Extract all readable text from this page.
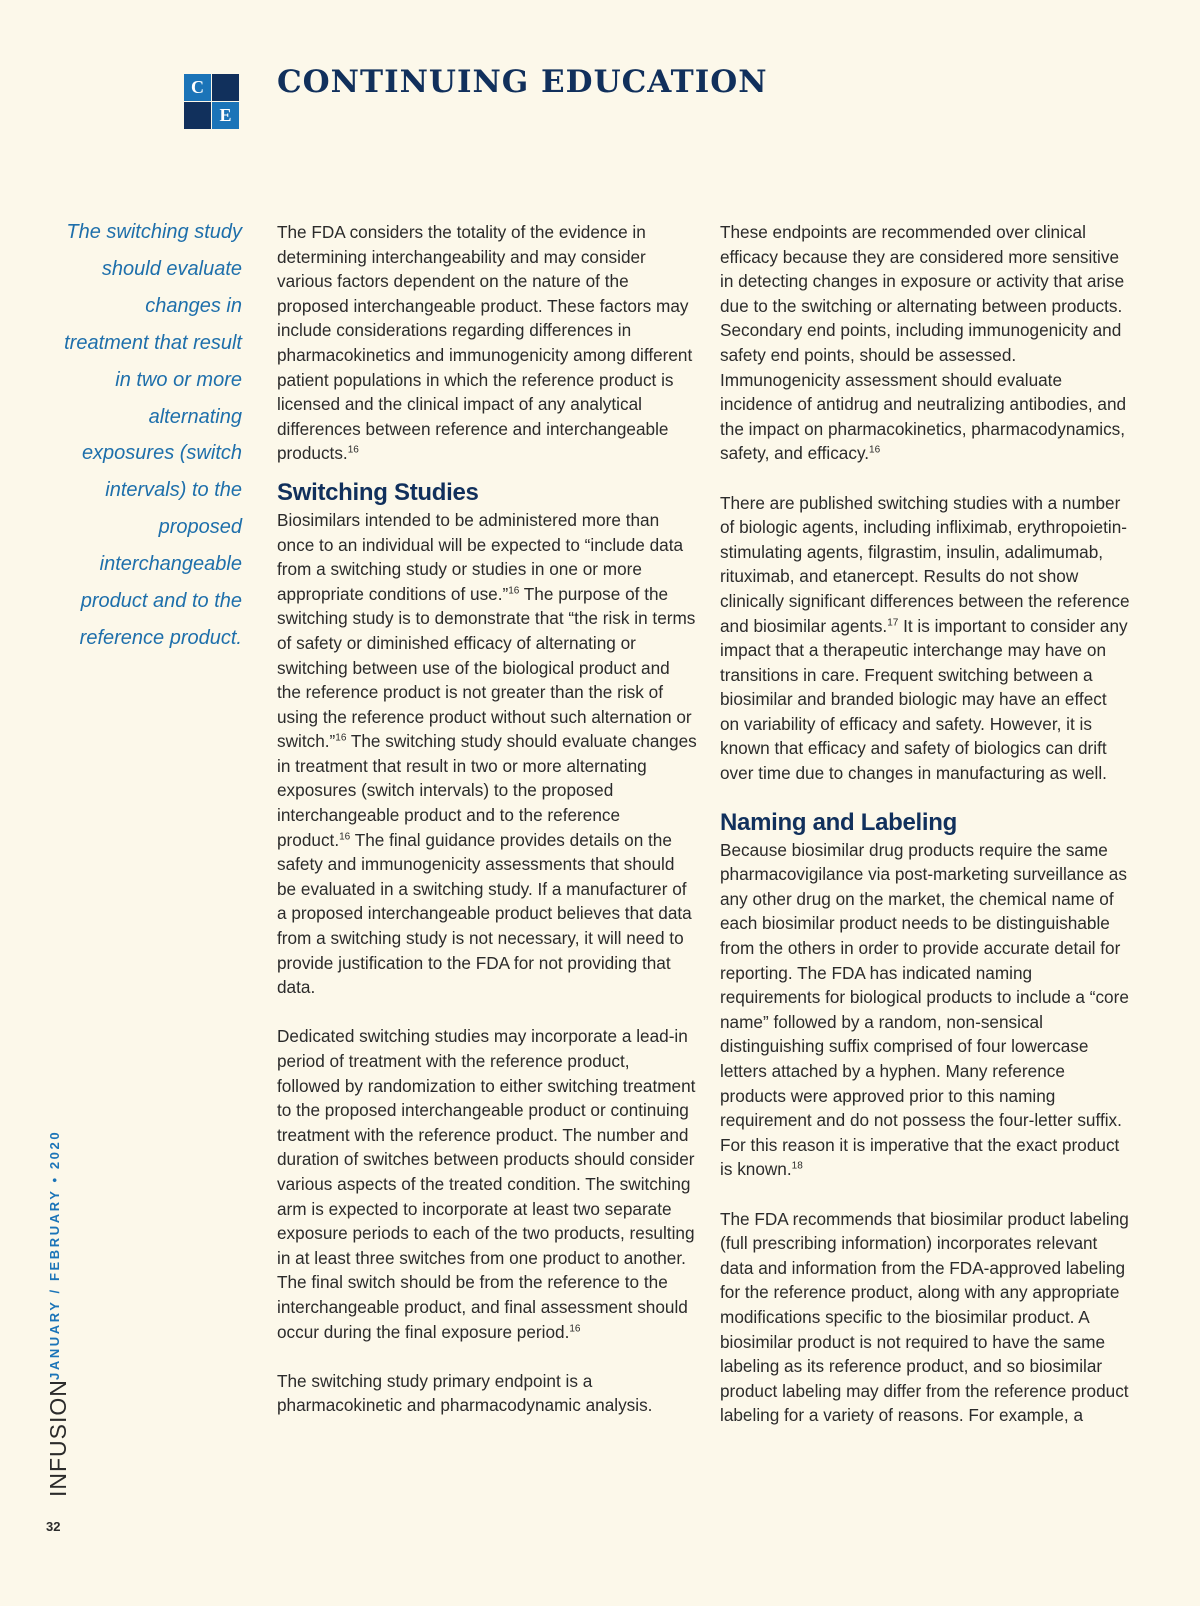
C
E
CONTINUING EDUCATION
The switching study should evaluate changes in treatment that result in two or more alternating exposures (switch intervals) to the proposed interchangeable product and to the reference product.

The FDA considers the totality of the evidence in determining interchangeability and may consider various factors dependent on the nature of the proposed interchangeable product. These factors may include considerations regarding differences in pharmacokinetics and immunogenicity among different patient populations in which the reference product is licensed and the clinical impact of any analytical differences between reference and interchangeable products.$^{16}$

Switching Studies

Biosimilars intended to be administered more than once to an individual will be expected to “include data from a switching study or studies in one or more appropriate conditions of use.”$^{16}$ The purpose of the switching study is to demonstrate that “the risk in terms of safety or diminished efficacy of alternating or switching between use of the biological product and the reference product is not greater than the risk of using the reference product without such alternation or switch.”$^{16}$ The switching study should evaluate changes in treatment that result in two or more alternating exposures (switch intervals) to the proposed interchangeable product and to the reference product.$^{16}$ The final guidance provides details on the safety and immunogenicity assessments that should be evaluated in a switching study. If a manufacturer of a proposed interchangeable product believes that data from a switching study is not necessary, it will need to provide justification to the FDA for not providing that data.

Dedicated switching studies may incorporate a lead-in period of treatment with the reference product, followed by randomization to either switching treatment to the proposed interchangeable product or continuing treatment with the reference product. The number and duration of switches between products should consider various aspects of the treated condition. The switching arm is expected to incorporate at least two separate exposure periods to each of the two products, resulting in at least three switches from one product to another. The final switch should be from the reference to the interchangeable product, and final assessment should occur during the final exposure period.$^{16}$

The switching study primary endpoint is a pharmacokinetic and pharmacodynamic analysis.

These endpoints are recommended over clinical efficacy because they are considered more sensitive in detecting changes in exposure or activity that arise due to the switching or alternating between products. Secondary end points, including immunogenicity and safety end points, should be assessed. Immunogenicity assessment should evaluate incidence of antidrug and neutralizing antibodies, and the impact on pharmacokinetics, pharmacodynamics, safety, and efficacy.$^{16}$

There are published switching studies with a number of biologic agents, including infliximab, erythropoietin-stimulating agents, filgrastim, insulin, adalimumab, rituximab, and etanercept. Results do not show clinically significant differences between the reference and biosimilar agents.$^{17}$ It is important to consider any impact that a therapeutic interchange may have on transitions in care. Frequent switching between a biosimilar and branded biologic may have an effect on variability of efficacy and safety. However, it is known that efficacy and safety of biologics can drift over time due to changes in manufacturing as well.

Naming and Labeling

Because biosimilar drug products require the same pharmacovigilance via post-marketing surveillance as any other drug on the market, the chemical name of each biosimilar product needs to be distinguishable from the others in order to provide accurate detail for reporting. The FDA has indicated naming requirements for biological products to include a “core name” followed by a random, non-sensical distinguishing suffix comprised of four lowercase letters attached by a hyphen. Many reference products were approved prior to this naming requirement and do not possess the four-letter suffix. For this reason it is imperative that the exact product is known.$^{18}$

The FDA recommends that biosimilar product labeling (full prescribing information) incorporates relevant data and information from the FDA-approved labeling for the reference product, along with any appropriate modifications specific to the biosimilar product. A biosimilar product is not required to have the same labeling as its reference product, and so biosimilar product labeling may differ from the reference product labeling for a variety of reasons. For example, a

JANUARY / FEBRUARY • 2020
INFUSION
32
